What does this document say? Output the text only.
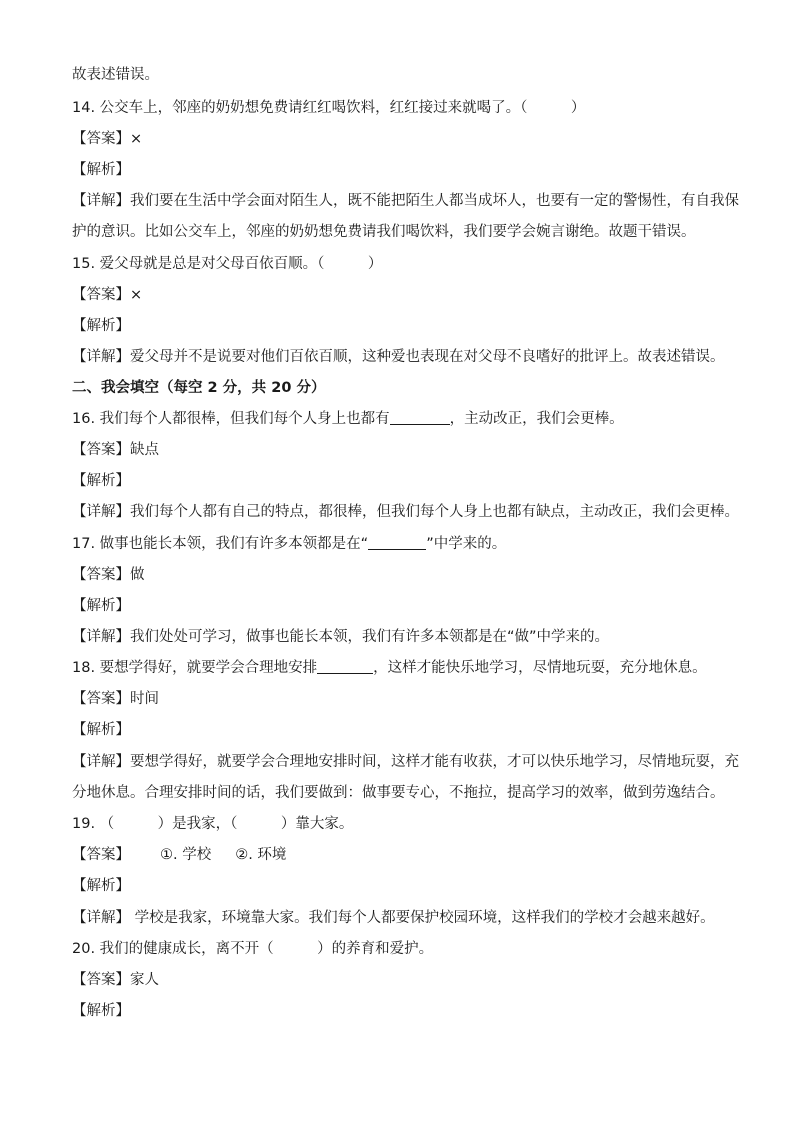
故表述错误。
14. 公交车上，邻座的奶奶想免费请红红喝饮料，红红接过来就喝了。（　　　）
【答案】×
【解析】
【详解】我们要在生活中学会面对陌生人，既不能把陌生人都当成坏人，也要有一定的警惕性，有自我保
护的意识。比如公交车上，邻座的奶奶想免费请我们喝饮料，我们要学会婉言谢绝。故题干错误。
15. 爱父母就是总是对父母百依百顺。（　　　）
【答案】×
【解析】
【详解】爱父母并不是说要对他们百依百顺，这种爱也表现在对父母不良嗜好的批评上。故表述错误。
二、我会填空（每空 2 分，共 20 分）
16. 我们每个人都很棒，但我们每个人身上也都有	，主动改正，我们会更棒。
【答案】缺点
【解析】
【详解】我们每个人都有自己的特点，都很棒，但我们每个人身上也都有缺点，主动改正，我们会更棒。
17. 做事也能长本领，我们有许多本领都是在“	”中学来的。
【答案】做
【解析】
【详解】我们处处可学习，做事也能长本领，我们有许多本领都是在“做”中学来的。
18. 要想学得好，就要学会合理地安排	，这样才能快乐地学习，尽情地玩耍，充分地休息。
【答案】时间
【解析】
【详解】要想学得好，就要学会合理地安排时间，这样才能有收获，才可以快乐地学习，尽情地玩耍，充
分地休息。合理安排时间的话，我们要做到：做事要专心，不拖拉，提高学习的效率，做到劳逸结合。
19. （　　　）是我家，（　　　）靠大家。
【答案】 ①. 学校 ②. 环境
【解析】
【详解】 学校是我家，环境靠大家。我们每个人都要保护校园环境，这样我们的学校才会越来越好。
20. 我们的健康成长，离不开（　　　）的养育和爱护。
【答案】家人
【解析】
